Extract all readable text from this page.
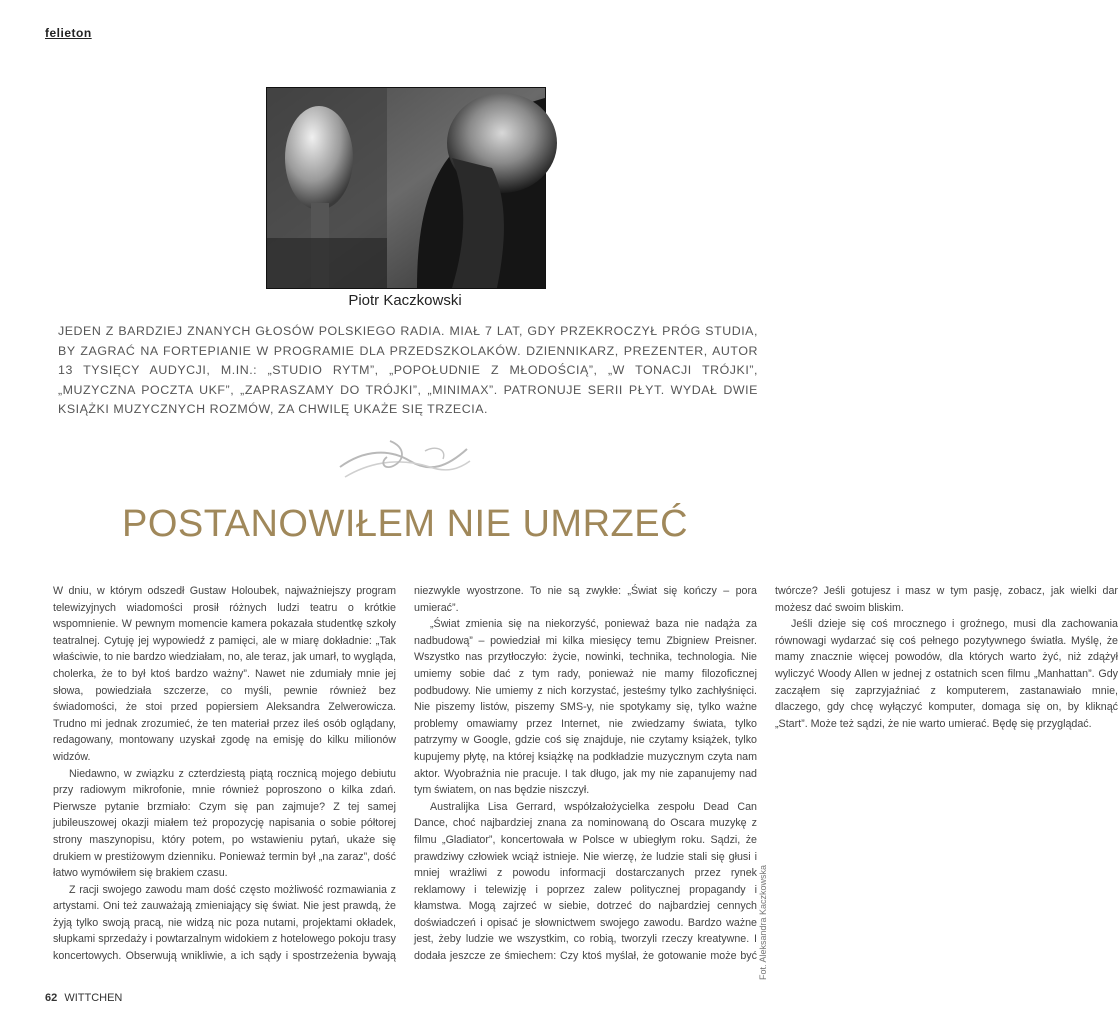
felieton
Piotr Kaczkowski
JEDEN Z BARDZIEJ ZNANYCH GŁOSÓW POLSKIEGO RADIA. MIAŁ 7 LAT, GDY PRZEKROCZYŁ PRÓG STUDIA, BY ZAGRAĆ NA FORTEPIANIE W PROGRAMIE DLA PRZEDSZKOLAKÓW. DZIENNIKARZ, PREZENTER, AUTOR 13 TYSIĘCY AUDYCJI, M.IN.: „STUDIO RYTM”, „POPOŁUDNIE Z MŁODOŚCIĄ”, „W TONACJI TRÓJKI”, „MUZYCZNA POCZTA UKF”, „ZAPRASZAMY DO TRÓJKI”, „MINIMAX”. PATRONUJE SERII PŁYT. WYDAŁ DWIE KSIĄŻKI MUZYCZNYCH ROZMÓW, ZA CHWILĘ UKAŻE SIĘ TRZECIA.
POSTANOWIŁEM NIE UMRZEĆ

W dniu, w którym odszedł Gustaw Holoubek, najważniejszy program telewizyjnych wiadomości prosił różnych ludzi teatru o krótkie wspomnienie. W pewnym momencie kamera pokazała studentkę szkoły teatralnej. Cytuję jej wypowiedź z pamięci, ale w miarę dokładnie: „Tak właściwie, to nie bardzo wiedziałam, no, ale teraz, jak umarł, to wygląda, cholerka, że to był ktoś bardzo ważny”. Nawet nie zdumiały mnie jej słowa, powiedziała szczerze, co myśli, pewnie również bez świadomości, że stoi przed popiersiem Aleksandra Zelwerowicza. Trudno mi jednak zrozumieć, że ten materiał przez ileś osób oglądany, redagowany, montowany uzyskał zgodę na emisję do kilku milionów widzów.

Niedawno, w związku z czterdziestą piątą rocznicą mojego debiutu przy radiowym mikrofonie, mnie również poproszono o kilka zdań. Pierwsze pytanie brzmiało: Czym się pan zajmuje? Z tej samej jubileuszowej okazji miałem też propozycję napisania o sobie półtorej strony maszynopisu, który potem, po wstawieniu pytań, ukaże się drukiem w prestiżowym dzienniku. Ponieważ termin był „na zaraz”, dość łatwo wymówiłem się brakiem czasu.

Z racji swojego zawodu mam dość często możliwość rozmawiania z artystami. Oni też zauważają zmieniający się świat. Nie jest prawdą, że żyją tylko swoją pracą, nie widzą nic poza nutami, projektami okładek, słupkami sprzedaży i powtarzalnym widokiem z hotelowego pokoju trasy koncertowych. Obserwują wnikliwie, a ich sądy i spostrzeżenia bywają niezwykle wyostrzone. To nie są zwykłe: „Świat się kończy – pora umierać”.

„Świat zmienia się na niekorzyść, ponieważ baza nie nadąża za nadbudową” – powiedział mi kilka miesięcy temu Zbigniew Preisner. Wszystko nas przytłoczyło: życie, nowinki, technika, technologia. Nie umiemy sobie dać z tym rady, ponieważ nie mamy filozoficznej podbudowy. Nie umiemy z nich korzystać, jesteśmy tylko zachłyśnięci. Nie piszemy listów, piszemy SMS-y, nie spotykamy się, tylko ważne problemy omawiamy przez Internet, nie zwiedzamy świata, tylko patrzymy w Google, gdzie coś się znajduje, nie czytamy książek, tylko kupujemy płytę, na której książkę na podkładzie muzycznym czyta nam aktor. Wyobraźnia nie pracuje. I tak długo, jak my nie zapanujemy nad tym światem, on nas będzie niszczył.

Australijka Lisa Gerrard, współzałożycielka zespołu Dead Can Dance, choć najbardziej znana za nominowaną do Oscara muzykę z filmu „Gladiator”, koncertowała w Polsce w ubiegłym roku. Sądzi, że prawdziwy człowiek wciąż istnieje. Nie wierzę, że ludzie stali się głusi i mniej wrażliwi z powodu informacji dostarczanych przez rynek reklamowy i telewizję i poprzez zalew politycznej propagandy i kłamstwa. Mogą zajrzeć w siebie, dotrzeć do najbardziej cennych doświadczeń i opisać je słownictwem swojego zawodu. Bardzo ważne jest, żeby ludzie we wszystkim, co robią, tworzyli rzeczy kreatywne. I dodała jeszcze ze śmiechem: Czy ktoś myślał, że gotowanie może być twórcze? Jeśli gotujesz i masz w tym pasję, zobacz, jak wielki dar możesz dać swoim bliskim.

Jeśli dzieje się coś mrocznego i groźnego, musi dla zachowania równowagi wydarzać się coś pełnego pozytywnego światła. Myślę, że mamy znacznie więcej powodów, dla których warto żyć, niż zdążył wyliczyć Woody Allen w jednej z ostatnich scen filmu „Manhattan”. Gdy zacząłem się zaprzyjaźniać z komputerem, zastanawiało mnie, dlaczego, gdy chcę wyłączyć komputer, domaga się on, by kliknąć „Start”. Może też sądzi, że nie warto umierać. Będę się przyglądać.

Fot. Aleksandra Kaczkowska
62 WITTCHEN
